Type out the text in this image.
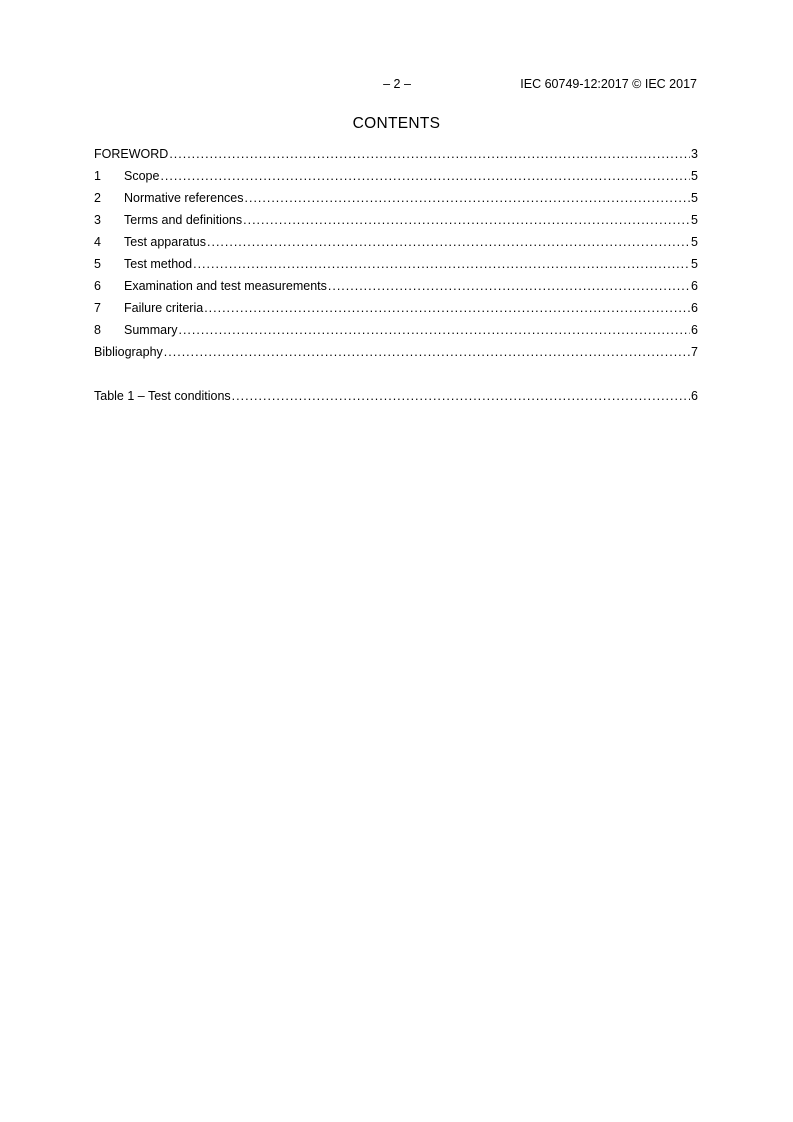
– 2 –	IEC 60749-12:2017 © IEC 2017
CONTENTS
FOREWORD .....	3
1	Scope .....	5
2	Normative references .....	5
3	Terms and definitions .....	5
4	Test apparatus .....	5
5	Test method .....	5
6	Examination and test measurements .....	6
7	Failure criteria .....	6
8	Summary .....	6
Bibliography .....	7
Table 1 – Test conditions .....	6
